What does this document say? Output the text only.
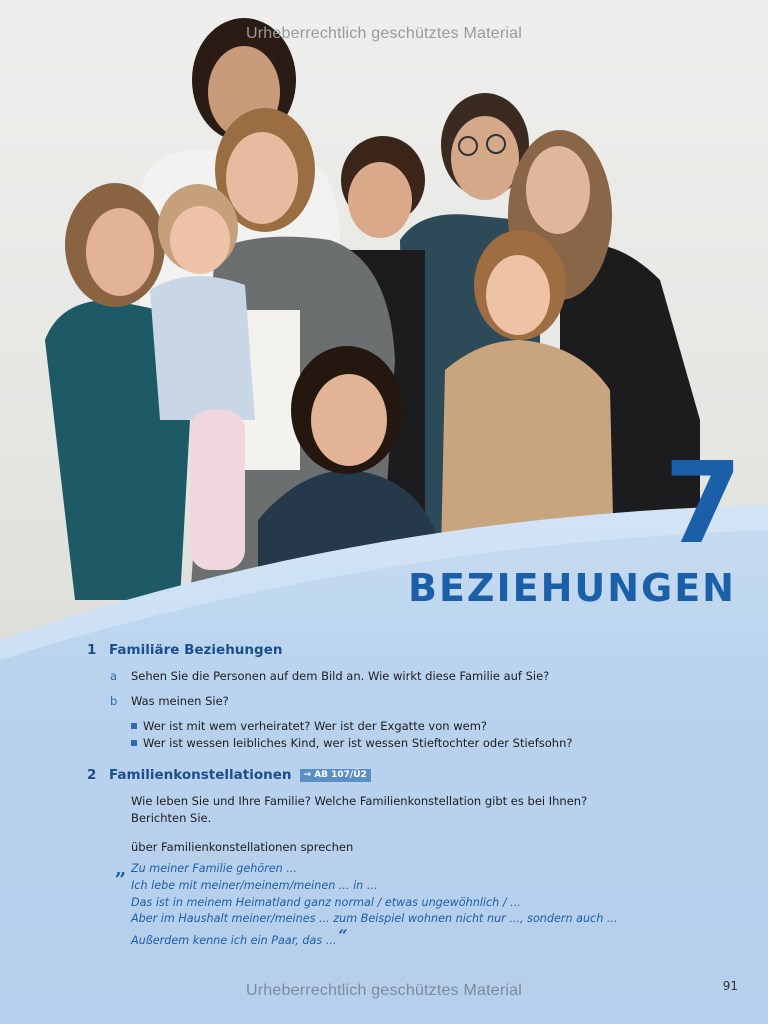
Urheberrechtlich geschütztes Material
7
BEZIEHUNGEN
1 Familiäre Beziehungen
a Sehen Sie die Personen auf dem Bild an. Wie wirkt diese Familie auf Sie?
b Was meinen Sie?
Wer ist mit wem verheiratet? Wer ist der Exgatte von wem?
Wer ist wessen leibliches Kind, wer ist wessen Stieftochter oder Stiefsohn?
2 Familienkonstellationen → AB 107/Ü2
Wie leben Sie und Ihre Familie? Welche Familienkonstellation gibt es bei Ihnen?
Berichten Sie.
über Familienkonstellationen sprechen
„ Zu meiner Familie gehören ...
Ich lebe mit meiner/meinem/meinen ... in ...
Das ist in meinem Heimatland ganz normal / etwas ungewöhnlich / ...
Aber im Haushalt meiner/meines ... zum Beispiel wohnen nicht nur ..., sondern auch ...
Außerdem kenne ich ein Paar, das ... “
Urheberrechtlich geschütztes Material	91
